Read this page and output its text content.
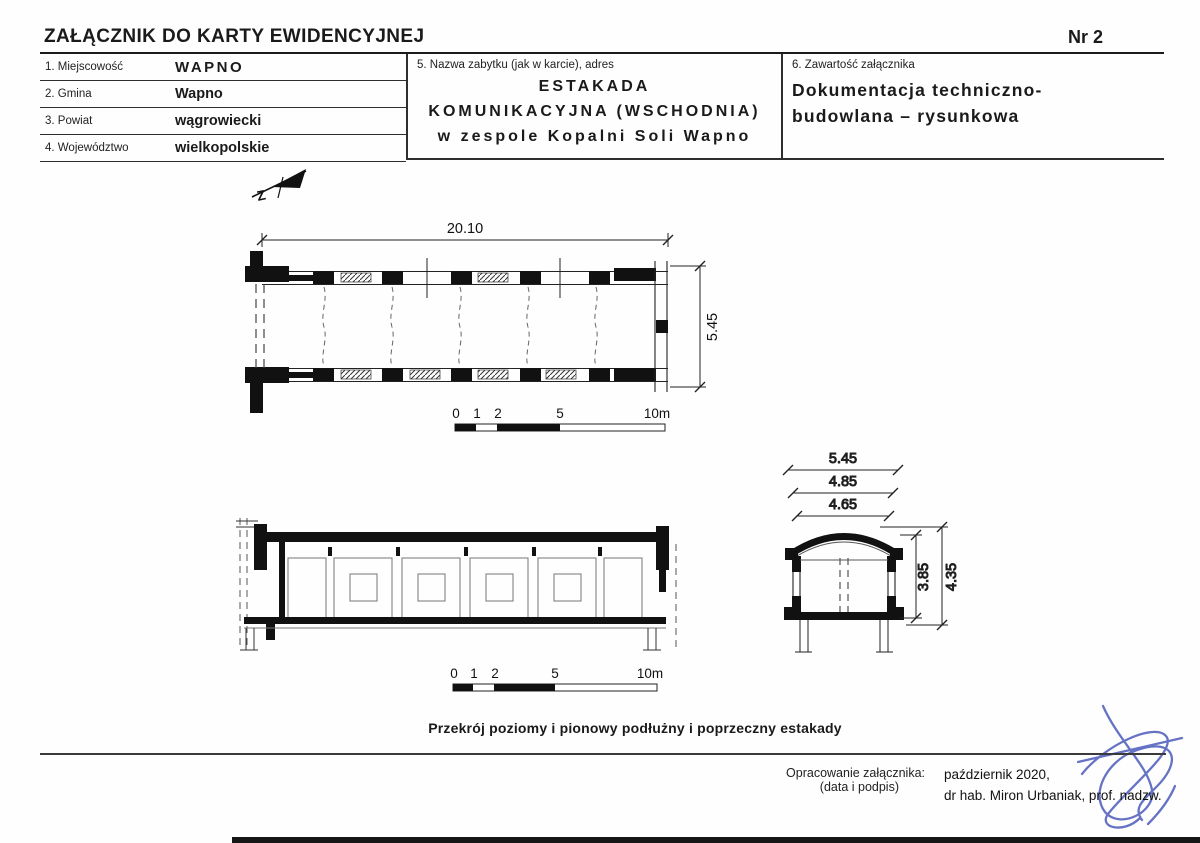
ZAŁĄCZNIK DO KARTY EWIDENCYJNEJ	Nr 2
1. Miejscowość	WAPNO
2. Gmina	Wapno
3. Powiat	wągrowiecki
4. Województwo	wielkopolskie
5. Nazwa zabytku (jak w karcie), adres
ESTAKADA
KOMUNIKACYJNA (WSCHODNIA)
w zespole Kopalni Soli Wapno
6. Zawartość załącznika
Dokumentacja techniczno-
budowlana – rysunkowa
Z
20.10
5.45
0 1 2	5	10m
5.45
4.85
4.65
3.85 4.35
0 1 2	5	10m
Przekrój poziomy i pionowy podłużny i poprzeczny estakady
Opracowanie załącznika:
(data i podpis)
październik 2020,
dr hab. Miron Urbaniak, prof. nadzw.
